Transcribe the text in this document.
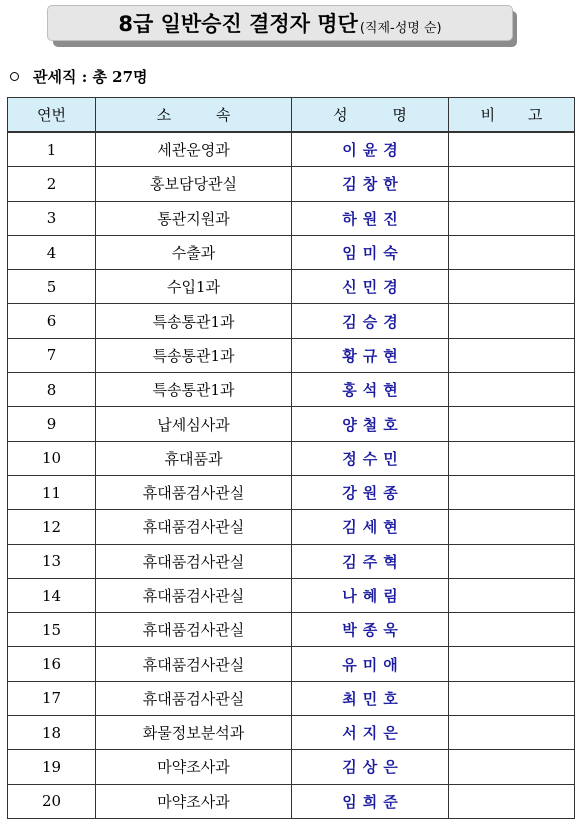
8급 일반승진 결정자 명단 (직제-성명 순)
관세직 : 총 27명
연번	소 속	성 명	비 고
1	세관운영과	이윤경	
2	홍보담당관실	김창한	
3	통관지원과	하원진	
4	수출과	임미숙	
5	수입1과	신민경	
6	특송통관1과	김승경	
7	특송통관1과	황규현	
8	특송통관1과	홍석현	
9	납세심사과	양철호	
10	휴대품과	정수민	
11	휴대품검사관실	강원종	
12	휴대품검사관실	김세현	
13	휴대품검사관실	김주혁	
14	휴대품검사관실	나혜림	
15	휴대품검사관실	박종욱	
16	휴대품검사관실	유미애	
17	휴대품검사관실	최민호	
18	화물정보분석과	서지은	
19	마약조사과	김상은	
20	마약조사과	임희준	
